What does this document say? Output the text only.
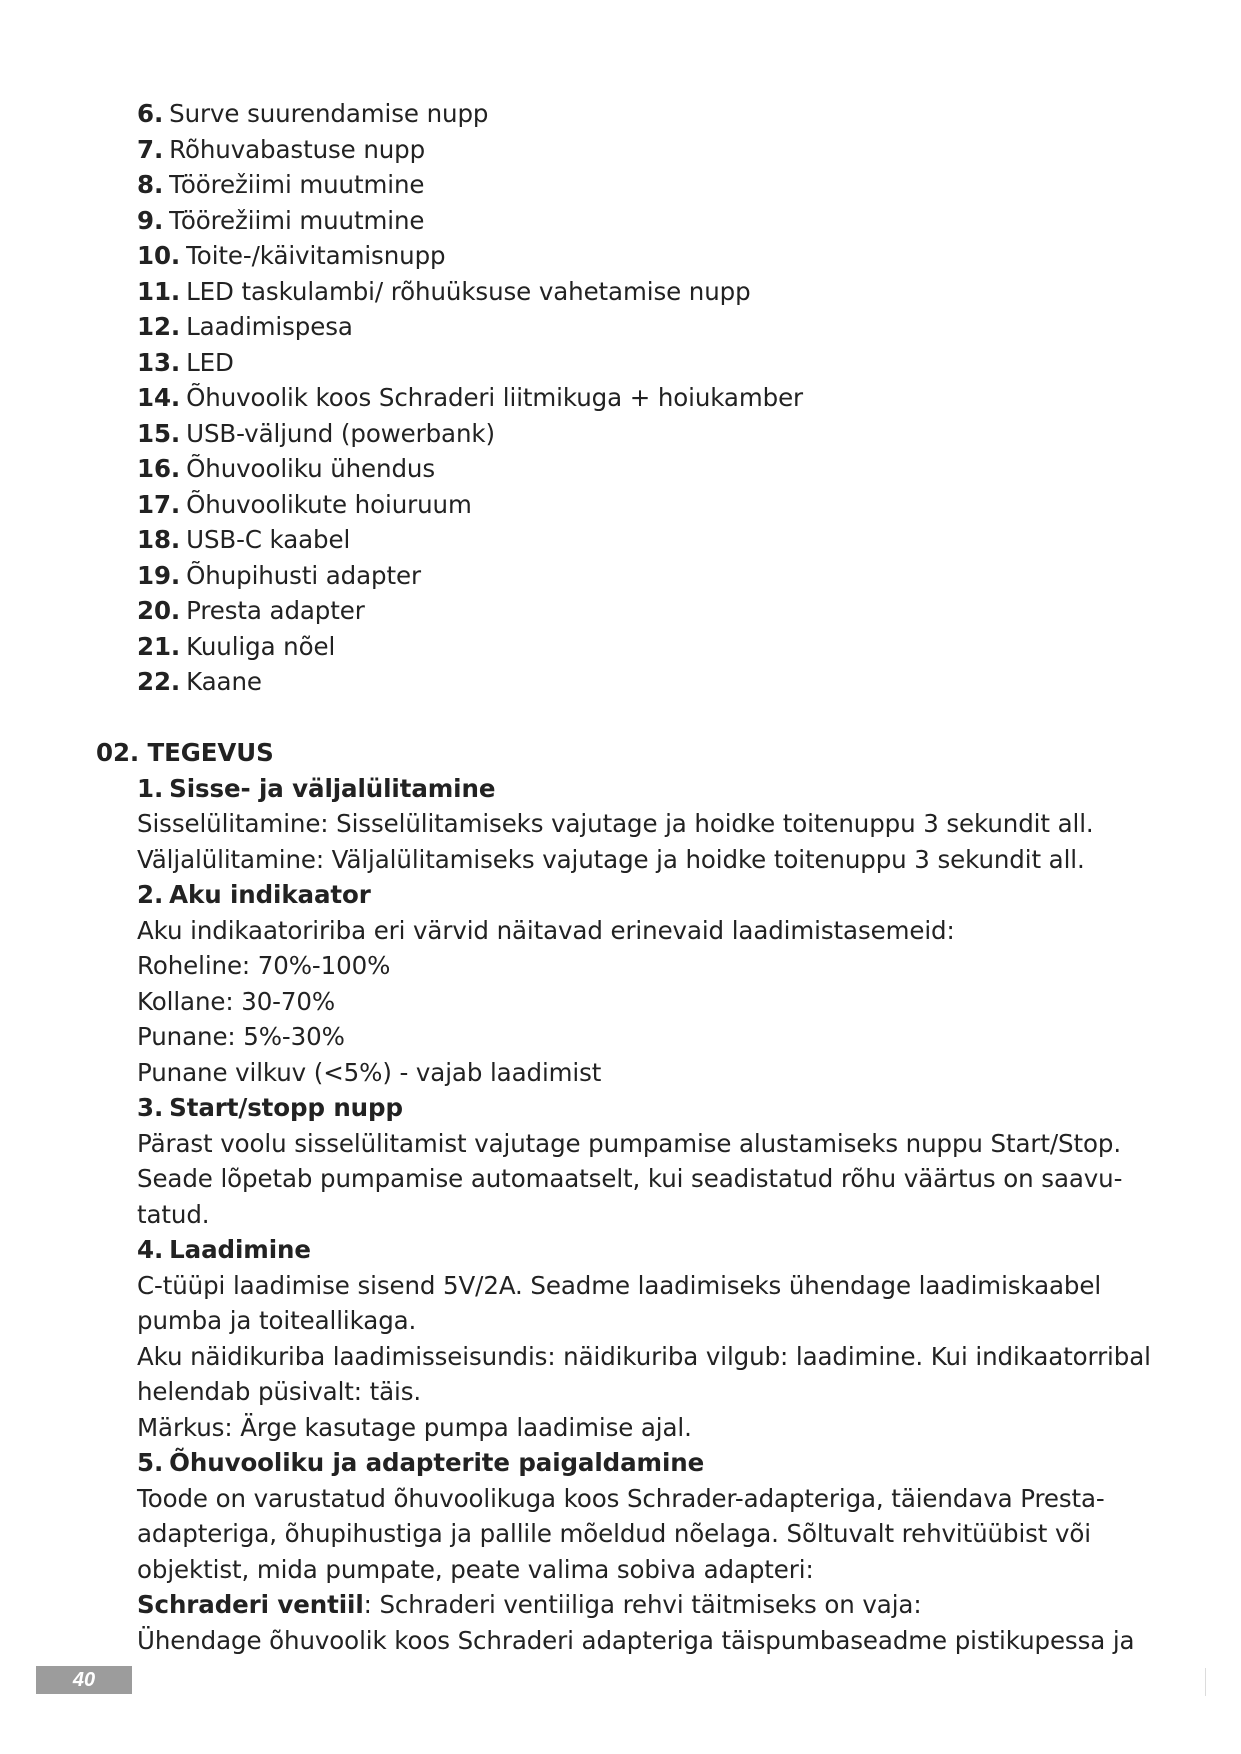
6. Surve suurendamise nupp
7. Rõhuvabastuse nupp
8. Töörežiimi muutmine
9. Töörežiimi muutmine
10. Toite-/käivitamisnupp
11. LED taskulambi/ rõhuüksuse vahetamise nupp
12. Laadimispesa
13. LED
14. Õhuvoolik koos Schraderi liitmikuga + hoiukamber
15. USB-väljund (powerbank)
16. Õhuvooliku ühendus
17. Õhuvoolikute hoiuruum
18. USB-C kaabel
19. Õhupihusti adapter
20. Presta adapter
21. Kuuliga nõel
22. Kaane
02. TEGEVUS
1. Sisse- ja väljalülitamine
Sisselülitamine: Sisselülitamiseks vajutage ja hoidke toitenuppu 3 sekundit all.
Väljalülitamine: Väljalülitamiseks vajutage ja hoidke toitenuppu 3 sekundit all.
2. Aku indikaator
Aku indikaatoririba eri värvid näitavad erinevaid laadimistasemeid:
Roheline: 70%-100%
Kollane: 30-70%
Punane: 5%-30%
Punane vilkuv (<5%) - vajab laadimist
3. Start/stopp nupp
Pärast voolu sisselülitamist vajutage pumpamise alustamiseks nuppu Start/Stop.
Seade lõpetab pumpamise automaatselt, kui seadistatud rõhu väärtus on saavu-
tatud.
4. Laadimine
C-tüüpi laadimise sisend 5V/2A. Seadme laadimiseks ühendage laadimiskaabel
pumba ja toiteallikaga.
Aku näidikuriba laadimisseisundis: näidikuriba vilgub: laadimine. Kui indikaatorribal
helendab püsivalt: täis.
Märkus: Ärge kasutage pumpa laadimise ajal.
5. Õhuvooliku ja adapterite paigaldamine
Toode on varustatud õhuvoolikuga koos Schrader-adapteriga, täiendava Presta-
adapteriga, õhupihustiga ja pallile mõeldud nõelaga. Sõltuvalt rehvitüübist või
objektist, mida pumpate, peate valima sobiva adapteri:
Schraderi ventiil: Schraderi ventiiliga rehvi täitmiseks on vaja:
Ühendage õhuvoolik koos Schraderi adapteriga täispumbaseadme pistikupessa ja
40
